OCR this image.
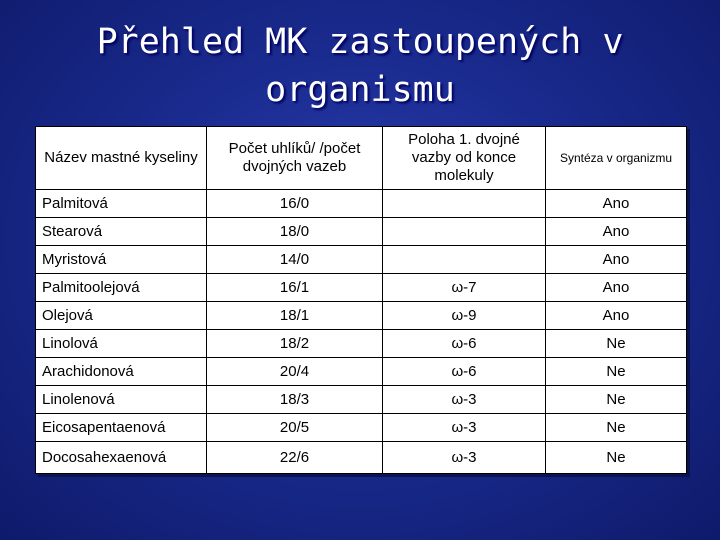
Přehled MK zastoupených v
organismu
Název mastné kyseliny	Počet uhlíků/ /počet dvojných vazeb	Poloha 1. dvojné vazby od konce molekuly	Syntéza v organizmu
Palmitová	16/0		Ano
Stearová	18/0		Ano
Myristová	14/0		Ano
Palmitoolejová	16/1	ω-7	Ano
Olejová	18/1	ω-9	Ano
Linolová	18/2	ω-6	Ne
Arachidonová	20/4	ω-6	Ne
Linolenová	18/3	ω-3	Ne
Eicosapentaenová	20/5	ω-3	Ne
Docosahexaenová	22/6	ω-3	Ne
